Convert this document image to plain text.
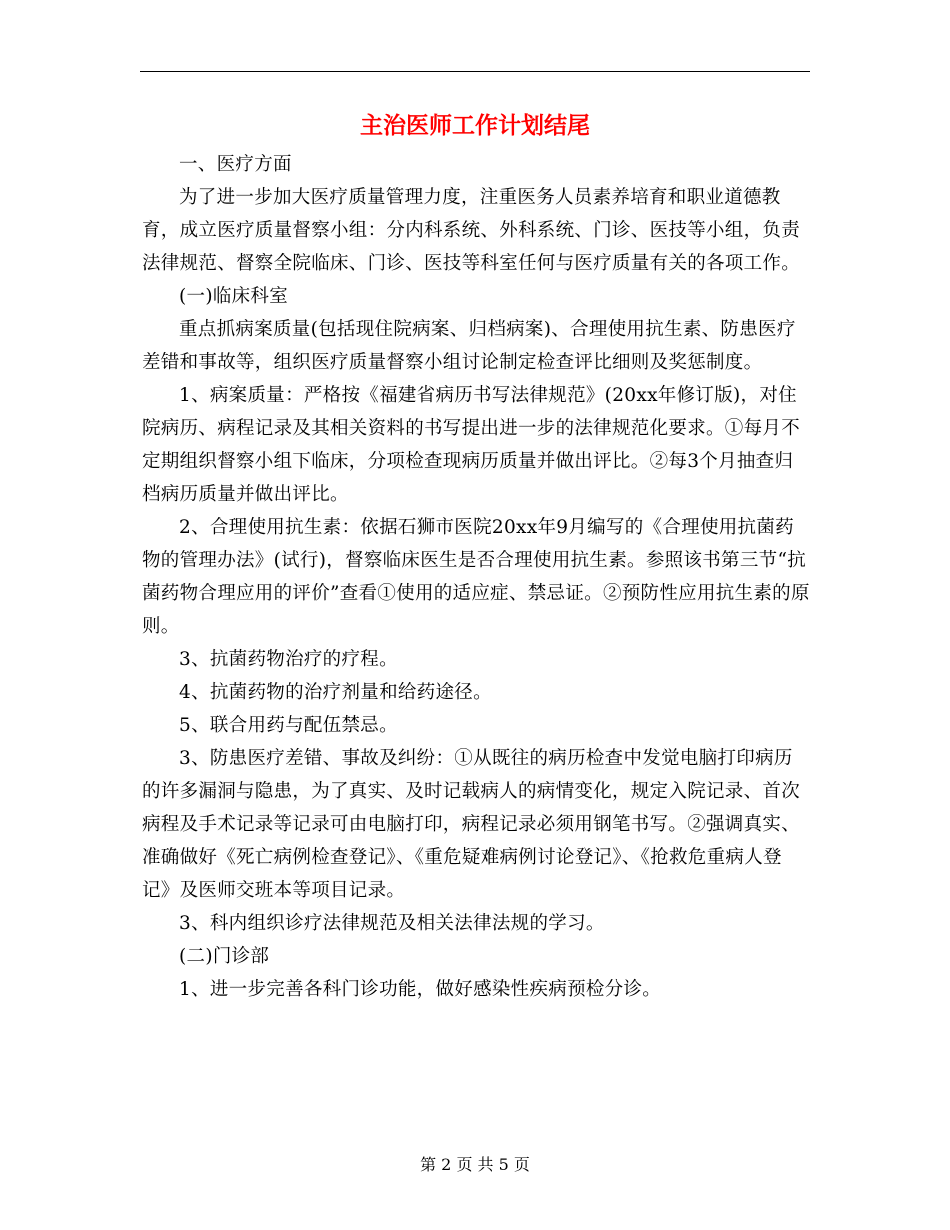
主治医师工作计划结尾

一、医疗方面

为了进一步加大医疗质量管理力度，注重医务人员素养培育和职业道德教育，成立医疗质量督察小组：分内科系统、外科系统、门诊、医技等小组，负责法律规范、督察全院临床、门诊、医技等科室任何与医疗质量有关的各项工作。

(一)临床科室

重点抓病案质量(包括现住院病案、归档病案)、合理使用抗生素、防患医疗差错和事故等，组织医疗质量督察小组讨论制定检查评比细则及奖惩制度。

1、病案质量：严格按《福建省病历书写法律规范》(20xx年修订版)，对住院病历、病程记录及其相关资料的书写提出进一步的法律规范化要求。①每月不定期组织督察小组下临床，分项检查现病历质量并做出评比。②每3个月抽查归档病历质量并做出评比。

2、合理使用抗生素：依据石狮市医院20xx年9月编写的《合理使用抗菌药物的管理办法》(试行)，督察临床医生是否合理使用抗生素。参照该书第三节“抗菌药物合理应用的评价”查看①使用的适应症、禁忌证。②预防性应用抗生素的原则。

3、抗菌药物治疗的疗程。

4、抗菌药物的治疗剂量和给药途径。

5、联合用药与配伍禁忌。

3、防患医疗差错、事故及纠纷：①从既往的病历检查中发觉电脑打印病历的许多漏洞与隐患，为了真实、及时记载病人的病情变化，规定入院记录、首次病程及手术记录等记录可由电脑打印，病程记录必须用钢笔书写。②强调真实、准确做好《死亡病例检查登记》、《重危疑难病例讨论登记》、《抢救危重病人登记》及医师交班本等项目记录。

3、科内组织诊疗法律规范及相关法律法规的学习。

(二)门诊部

1、进一步完善各科门诊功能，做好感染性疾病预检分诊。

第 2 页 共 5 页
